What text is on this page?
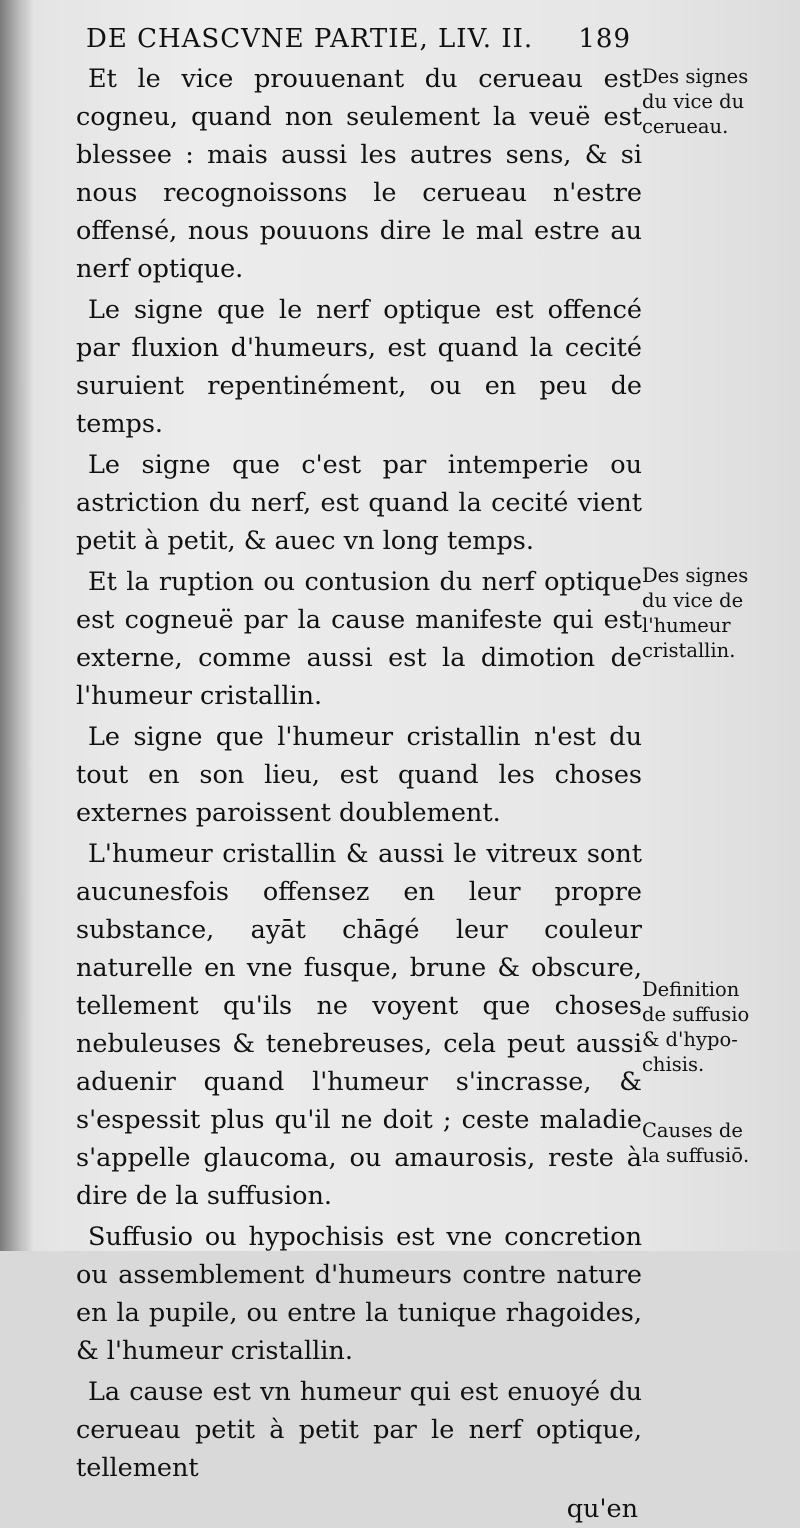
DE CHASCVNE PARTIE, LIV. II. 189

Et le vice prouuenant du cerueau est cogneu, quand non seulement la veuë est blessee : mais aussi les autres sens, & si nous recognoissons le cerueau n'estre offensé, nous pouuons dire le mal estre au nerf optique.

Le signe que le nerf optique est offencé par fluxion d'humeurs, est quand la cecité suruient repentinément, ou en peu de temps.

Le signe que c'est par intemperie ou astriction du nerf, est quand la cecité vient petit à petit, & auec vn long temps.

Et la ruption ou contusion du nerf optique est cogneuë par la cause manifeste qui est externe, comme aussi est la dimotion de l'humeur cristallin.

Le signe que l'humeur cristallin n'est du tout en son lieu, est quand les choses externes paroissent doublement.

L'humeur cristallin & aussi le vitreux sont aucunesfois offensez en leur propre substance, ayāt chāgé leur couleur naturelle en vne fusque, brune & obscure, tellement qu'ils ne voyent que choses nebuleuses & tenebreuses, cela peut aussi aduenir quand l'humeur s'incrasse, & s'espessit plus qu'il ne doit ; ceste maladie s'appelle glaucoma, ou amaurosis, reste à dire de la suffusion.

Suffusio ou hypochisis est vne concretion ou assemblement d'humeurs contre nature en la pupile, ou entre la tunique rhagoides, & l'humeur cristallin.

La cause est vn humeur qui est enuoyé du cerueau petit à petit par le nerf optique, tellement

qu'en

Des signes
du vice du
cerueau.
Des signes
du vice de
l'humeur
cristallin.
Definition
de suffusio
& d'hypo-
chisis.
Causes de
la suffusiō.
